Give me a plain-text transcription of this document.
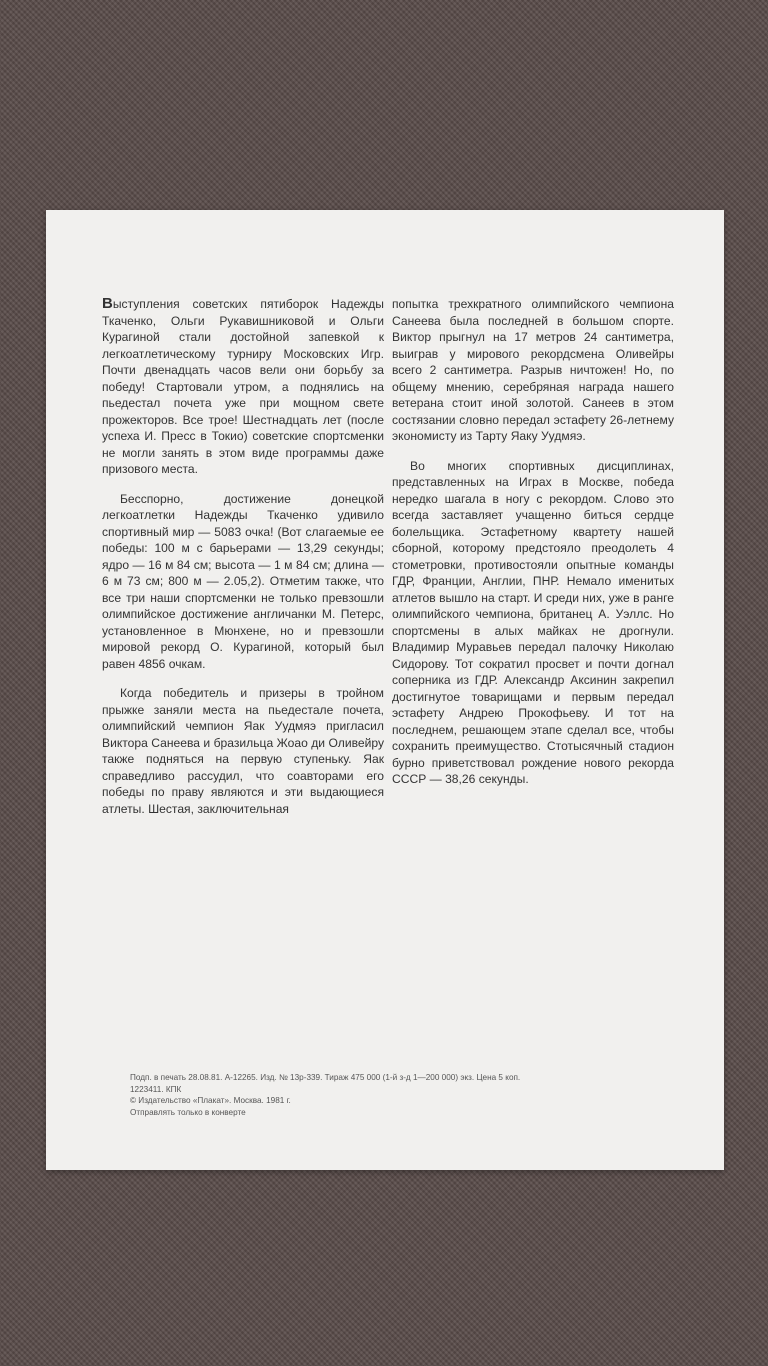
Выступления советских пятиборок Надежды Ткаченко, Ольги Рукавишниковой и Ольги Курагиной стали достойной запевкой к легкоатлетическому турниру Московских Игр. Почти двенадцать часов вели они борьбу за победу! Стартовали утром, а поднялись на пьедестал почета уже при мощном свете прожекторов. Все трое! Шестнадцать лет (после успеха И. Пресс в Токио) советские спортсменки не могли занять в этом виде программы даже призового места.

Бесспорно, достижение донецкой легкоатлетки Надежды Ткаченко удивило спортивный мир — 5083 очка! (Вот слагаемые ее победы: 100 м с барьерами — 13,29 секунды; ядро — 16 м 84 см; высота — 1 м 84 см; длина — 6 м 73 см; 800 м — 2.05,2). Отметим также, что все три наши спортсменки не только превзошли олимпийское достижение англичанки М. Петерс, установленное в Мюнхене, но и превзошли мировой рекорд О. Курагиной, который был равен 4856 очкам.

Когда победитель и призеры в тройном прыжке заняли места на пьедестале почета, олимпийский чемпион Яак Уудмяэ пригласил Виктора Санеева и бразильца Жоао ди Оливейру также подняться на первую ступеньку. Яак справедливо рассудил, что соавторами его победы по праву являются и эти выдающиеся атлеты. Шестая, заключительная

попытка трехкратного олимпийского чемпиона Санеева была последней в большом спорте. Виктор прыгнул на 17 метров 24 сантиметра, выиграв у мирового рекордсмена Оливейры всего 2 сантиметра. Разрыв ничтожен! Но, по общему мнению, серебряная награда нашего ветерана стоит иной золотой. Санеев в этом состязании словно передал эстафету 26-летнему экономисту из Тарту Яаку Уудмяэ.

Во многих спортивных дисциплинах, представленных на Играх в Москве, победа нередко шагала в ногу с рекордом. Слово это всегда заставляет учащенно биться сердце болельщика. Эстафетному квартету нашей сборной, которому предстояло преодолеть 4 стометровки, противостояли опытные команды ГДР, Франции, Англии, ПНР. Немало именитых атлетов вышло на старт. И среди них, уже в ранге олимпийского чемпиона, британец А. Уэллс. Но спортсмены в алых майках не дрогнули. Владимир Муравьев передал палочку Николаю Сидорову. Тот сократил просвет и почти догнал соперника из ГДР. Александр Аксинин закрепил достигнутое товарищами и первым передал эстафету Андрею Прокофьеву. И тот на последнем, решающем этапе сделал все, чтобы сохранить преимущество. Стотысячный стадион бурно приветствовал рождение нового рекорда СССР — 38,26 секунды.

Подп. в печать 28.08.81. А-12265. Изд. № 13р-339. Тираж 475 000 (1-й з-д 1—200 000) экз. Цена 5 коп.
1223411. КПК
© Издательство «Плакат». Москва. 1981 г.
Отправлять только в конверте
